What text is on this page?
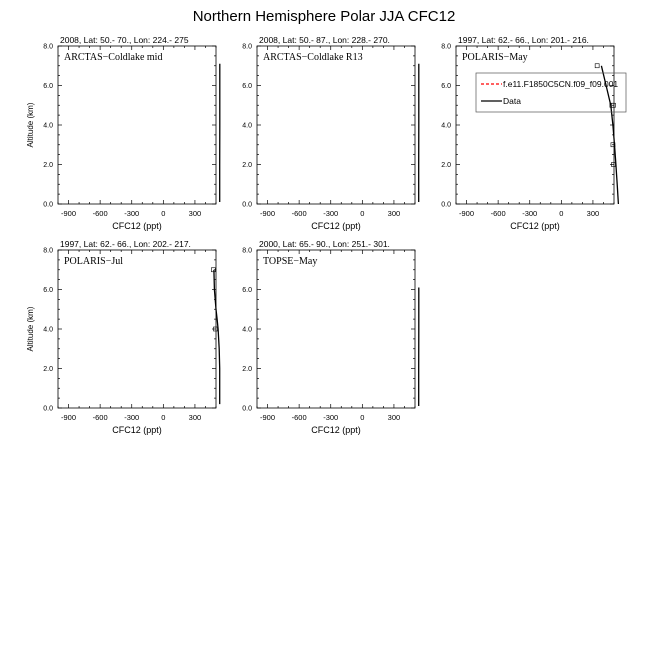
Northern Hemisphere Polar JJA CFC12
2008, Lat: 50.- 70., Lon: 224.- 275
ARCTAS−Coldlake mid
-900 -600 -300	0	300
0.0
2.0
4.0
6.0
8.0
CFC12 (ppt)
Altitude (km)
2008, Lat: 50.- 87., Lon: 228.- 270.
ARCTAS−Coldlake R13
-900 -600 -300	0	300
0.0
2.0
4.0
6.0
8.0
CFC12 (ppt)
1997, Lat: 62.- 66., Lon: 201.- 216.
POLARIS−May
-900 -600 -300	0	300
0.0
2.0
4.0
6.0
8.0
CFC12 (ppt)
f.e11.F1850C5CN.f09_f09.001
Data
1997, Lat: 62.- 66., Lon: 202.- 217.
POLARIS−Jul
-900 -600 -300	0	300
0.0
2.0
4.0
6.0
8.0
CFC12 (ppt)
Altitude (km)
2000, Lat: 65.- 90., Lon: 251.- 301.
TOPSE−May
-900 -600 -300	0	300
0.0
2.0
4.0
6.0
8.0
CFC12 (ppt)
